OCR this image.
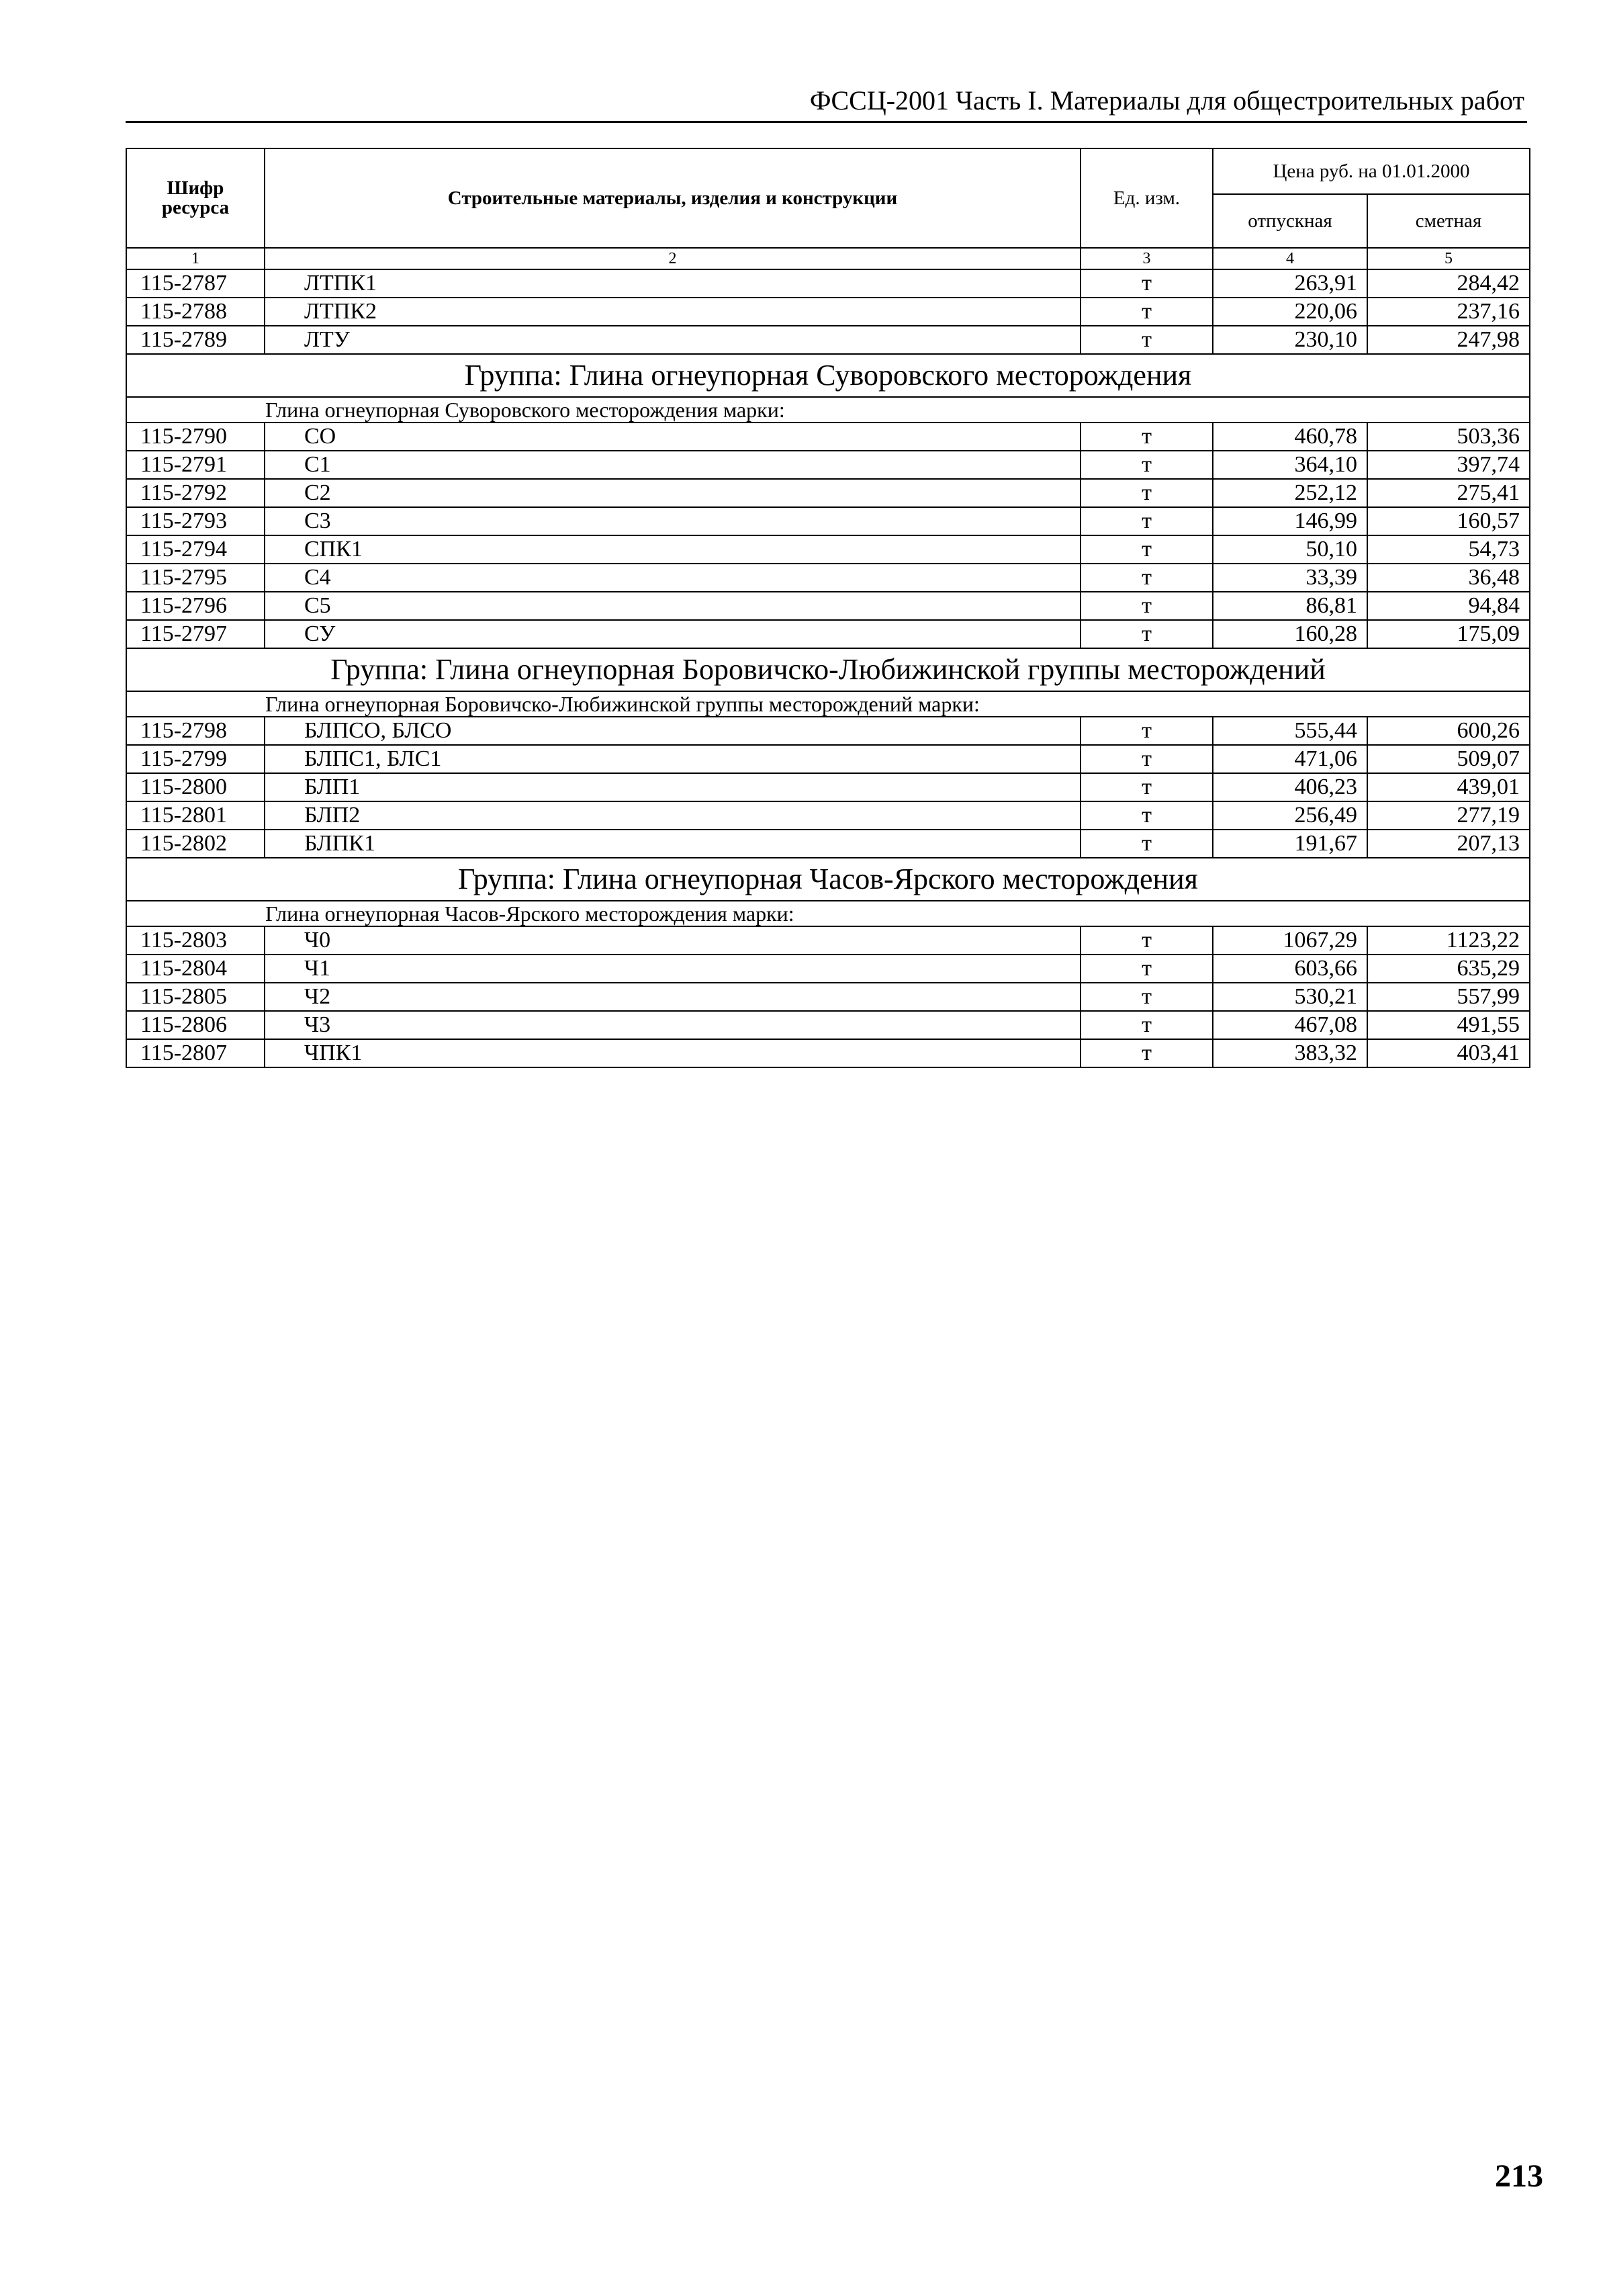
ФССЦ-2001 Часть I. Материалы для общестроительных работ
Шифр ресурса	Строительные материалы, изделия и конструкции	Ед. изм.	Цена руб. на 01.01.2000	
			отпускная	сметная
1	2	3	4	5
115-2787	ЛТПК1	т	263,91	284,42
115-2788	ЛТПК2	т	220,06	237,16
115-2789	ЛТУ	т	230,10	247,98
Группа: Глина огнеупорная Суворовского месторождения				
Глина огнеупорная Суворовского месторождения марки:				
115-2790	СО	т	460,78	503,36
115-2791	С1	т	364,10	397,74
115-2792	С2	т	252,12	275,41
115-2793	С3	т	146,99	160,57
115-2794	СПК1	т	50,10	54,73
115-2795	С4	т	33,39	36,48
115-2796	С5	т	86,81	94,84
115-2797	СУ	т	160,28	175,09
Группа: Глина огнеупорная Боровичско-Любижинской группы месторождений				
Глина огнеупорная Боровичско-Любижинской группы месторождений марки:				
115-2798	БЛПСО, БЛСО	т	555,44	600,26
115-2799	БЛПС1, БЛС1	т	471,06	509,07
115-2800	БЛП1	т	406,23	439,01
115-2801	БЛП2	т	256,49	277,19
115-2802	БЛПК1	т	191,67	207,13
Группа: Глина огнеупорная Часов-Ярского месторождения				
Глина огнеупорная Часов-Ярского месторождения марки:				
115-2803	Ч0	т	1067,29	1123,22
115-2804	Ч1	т	603,66	635,29
115-2805	Ч2	т	530,21	557,99
115-2806	Ч3	т	467,08	491,55
115-2807	ЧПК1	т	383,32	403,41
213
